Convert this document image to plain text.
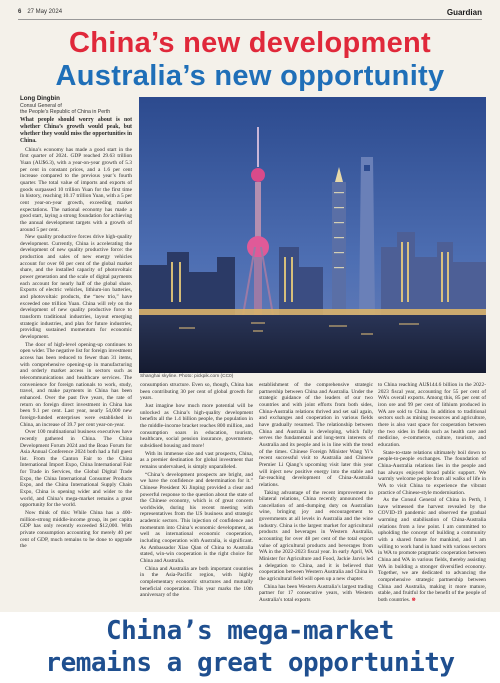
6 27 May 2024	Guardian
China’s new development
Australia’s new opportunity
Long Dingbin
Consul General of
the People’s Republic of China in Perth

What people should worry about is not whether China’s growth would peak, but whether they would miss the opportunities in China.

China’s economy has made a good start in the first quarter of 2024. GDP reached 29.63 trillion Yuan (AU$6.3), with a year-on-year growth of 5.3 per cent in constant prices, and a 1.6 per cent increase compared to the previous year’s fourth quarter. The total value of imports and exports of goods surpassed 10 trillion Yuan for the first time in history, reaching 10.17 trillion Yuan, with a 5 per cent year-on-year growth, exceeding market expectations. The national economy has made a good start, laying a strong foundation for achieving the annual development targets with a growth of around 5 per cent.

New quality productive forces drive high-quality development. Currently, China is accelerating the development of new quality productive force: the production and sales of new energy vehicles account for over 60 per cent of the global market share, and the installed capacity of photovoltaic power generation and the scale of digital payments each account for nearly half of the global share. Exports of electric vehicles, lithium-ion batteries, and photovoltaic products, the “new trio,” have exceeded one trillion Yuan. China will rely on the development of new quality productive force to transform traditional industries, layout emerging strategic industries, and plan for future industries, providing sustained momentum for economic development.

The door of high-level opening-up continues to open wider. The negative list for foreign investment access has been reduced to fewer than 31 items, with comprehensive opening-up in manufacturing and orderly market access in sectors such as telecommunications and healthcare services. The convenience for foreign nationals to work, study, travel, and make payments in China has been enhanced. Over the past five years, the rate of return on foreign direct investment in China has been 9.1 per cent. Last year, nearly 54,000 new foreign-funded enterprises were established in China, an increase of 39.7 per cent year-on-year.

Over 100 multinational business executives have recently gathered in China. The China Development Forum 2024 and the Boao Forum for Asia Annual Conference 2024 both had a full guest list. From the Canton Fair to the China International Import Expo, China International Fair for Trade in Services, the Global Digital Trade Expo, the China International Consumer Products Expo, and the China International Supply Chain Expo, China is opening wider and wider to the world, and China’s mega-market remains a great opportunity for the world.

Now think of this: While China has a 400-million-strong middle-income group, its per capita GDP has only recently exceeded $12,000. With private consumption accounting for merely 40 per cent of GDP, much remains to be done to upgrade the

Shanghai skyline. Photo: pickpik.com (CC0)

consumption structure. Even so, though, China has been contributing 30 per cent of global growth for years.

Just imagine how much more potential will be unlocked as China’s high-quality development benefits all the 1.4 billion people, the population in the middle-income bracket reaches 800 million, and consumption soars in education, tourism, healthcare, social pension insurance, government-subsidised housing and more!

With its immense size and vast prospects, China, as a premier destination for global investment that remains undervalued, is simply unparalleled.

“China’s development prospects are bright, and we have the confidence and determination for it.” Chinese President Xi Jinping provided a clear and powerful response to the question about the state of the Chinese economy, which is of great concern worldwide, during his recent meeting with representatives from the US business and strategic academic sectors. This injection of confidence and momentum into China’s economic development, as well as international economic cooperation, including cooperation with Australia, is significant. As Ambassador Xiao Qian of China to Australia stated, win-win cooperation is the right choice for China and Australia.

China and Australia are both important countries in the Asia-Pacific region, with highly complementary economic structures and mutually beneficial cooperation. This year marks the 10th anniversary of the

establishment of the comprehensive strategic partnership between China and Australia. Under the strategic guidance of the leaders of our two countries and with joint efforts from both sides, China-Australia relations thrived and set sail again, and exchanges and cooperation in various fields have gradually resumed. The relationship between China and Australia is developing, which fully serves the fundamental and long-term interests of Australia and its people and is in line with the trend of the times. Chinese Foreign Minister Wang Yi’s recent successful visit to Australia and Chinese Premier Li Qiang’s upcoming visit later this year will inject new positive energy into the stable and far-reaching development of China-Australia relations.

Taking advantage of the recent improvement in bilateral relations, China recently announced the cancellation of anti-dumping duty on Australian wine, bringing joy and encouragement to governments at all levels in Australia and the wine industry. China is the largest market for agricultural products and beverages in Western Australia, accounting for over 48 per cent of the total export value of agricultural products and beverages from WA in the 2022-2023 fiscal year. In early April, WA Minister for Agriculture and Food, Jackie Jarvis led a delegation to China, and it is believed that cooperation between Western Australia and China in the agricultural field will open up a new chapter.

China has been Western Australia’s largest trading partner for 17 consecutive years, with Western Australia’s total exports

to China reaching AU$144.6 billion in the 2022-2023 fiscal year, accounting for 55 per cent of WA’s overall exports. Among this, 85 per cent of iron ore and 99 per cent of lithium produced in WA are sold to China. In addition to traditional sectors such as mining resources and agriculture, there is also vast space for cooperation between the two sides in fields such as health care and medicine, e-commerce, culture, tourism, and education.

State-to-state relations ultimately boil down to people-to-people exchanges. The foundation of China-Australia relations lies in the people and has always enjoyed broad public support. We warmly welcome people from all walks of life in WA to visit China to experience the vibrant practice of Chinese-style modernisation.

As the Consul General of China in Perth, I have witnessed the harvest revealed by the COVID-19 pandemic and observed the gradual warming and stabilisation of China-Australia relations from a low point. I am committed to upholding the concept of building a community with a shared future for mankind, and I am willing to work hand in hand with various sectors in WA to promote pragmatic cooperation between China and WA in various fields, thereby assisting WA in building a stronger diversified economy. Together, we are dedicated to advancing the comprehensive strategic partnership between China and Australia, making it more mature, stable, and fruitful for the benefit of the people of both countries. ⊗

China’s mega-market
remains a great opportunity
